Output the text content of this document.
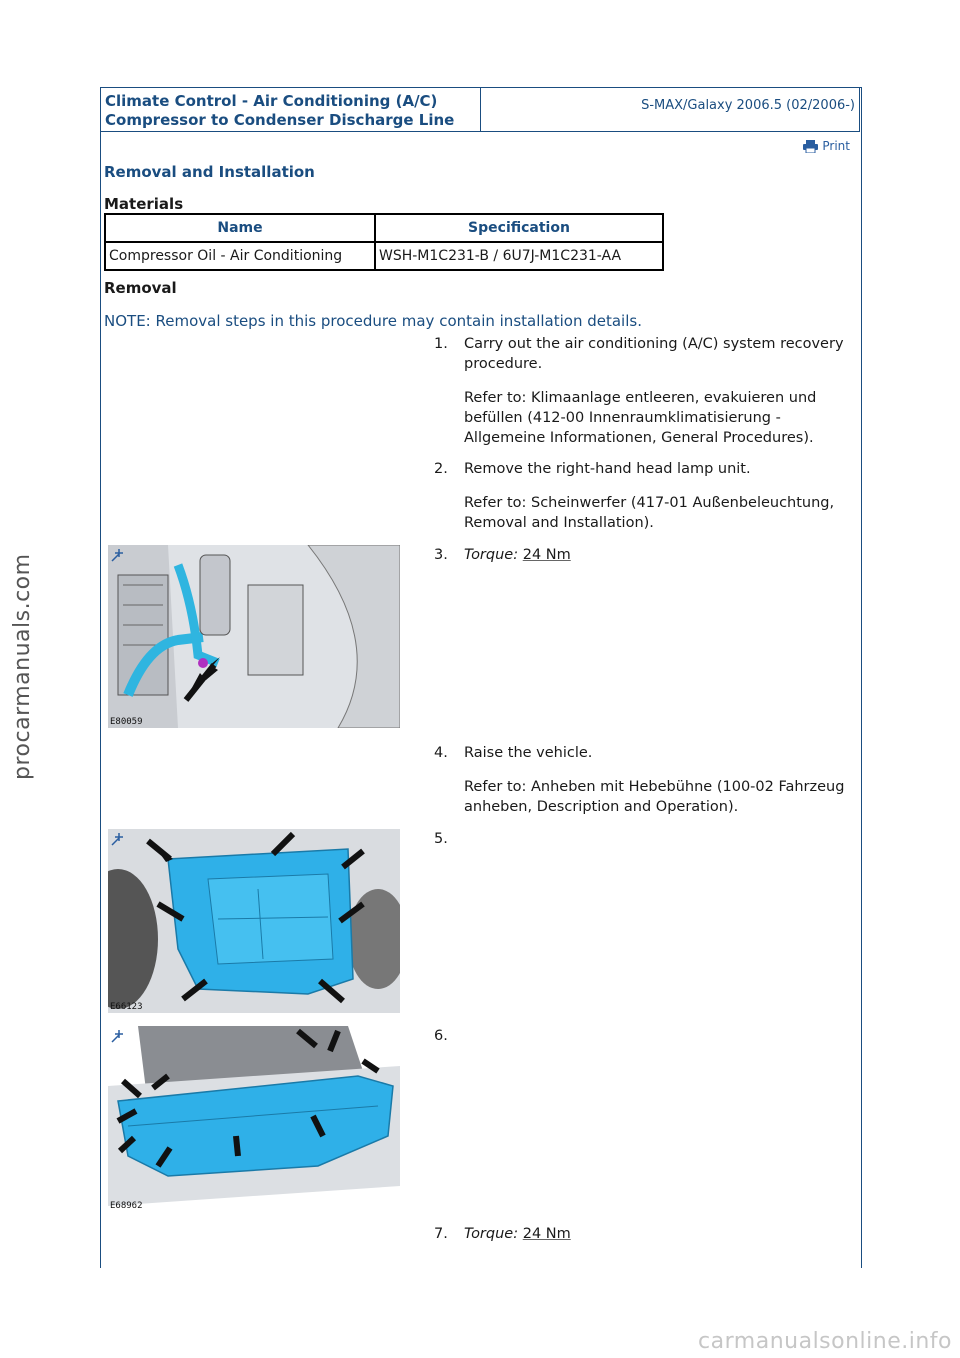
Climate Control - Air Conditioning (A/C)
Compressor to Condenser Discharge Line
S-MAX/Galaxy 2006.5 (02/2006-)
Print
Removal and Installation
Materials
Name	Specification
Compressor Oil - Air Conditioning	WSH-M1C231-B / 6U7J-M1C231-AA
Removal
NOTE: Removal steps in this procedure may contain installation details.
1.	Carry out the air conditioning (A/C) system recovery procedure.
Refer to: Klimaanlage entleeren, evakuieren und befüllen (412-00 Innenraumklimatisierung - Allgemeine Informationen, General Procedures).
2.	Remove the right-hand head lamp unit.
Refer to: Scheinwerfer (417-01 Außenbeleuchtung, Removal and Installation).
E80059
3.	Torque: 24 Nm
4.	Raise the vehicle.
Refer to: Anheben mit Hebebühne (100-02 Fahrzeug anheben, Description and Operation).
E66123
5.
E68962
6.
7.	Torque: 24 Nm
procarmanuals.com
carmanualsonline.info
